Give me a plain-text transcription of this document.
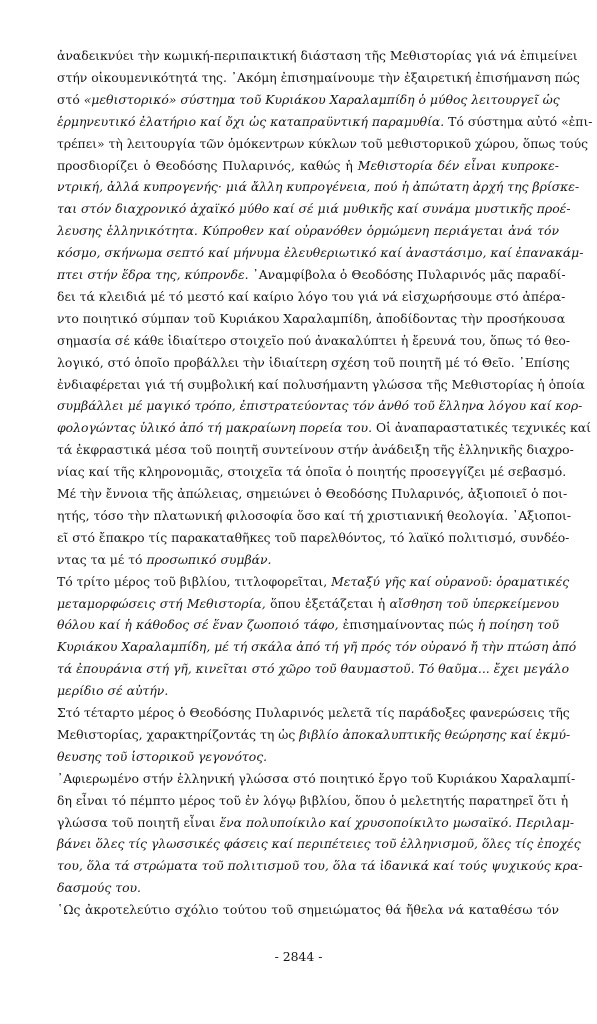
ἀναδεικνύει τὴν κωμική-περιπαικτική διάσταση τῆς Μεθιστορίας γιά νά ἐπιμείνει
στήν οἰκουμενικότητά της. ᾿Ακόμη ἐπισημαίνουμε τὴν ἐξαιρετική ἐπισήμανση πώς
στό «μεθιστορικό» σύστημα τοῦ Κυριάκου Χαραλαμπίδη ὁ μύθος λειτουργεῖ ὡς
ἑρμηνευτικό ἐλατήριο καί ὄχι ὡς καταπραϋντική παραμυθία. Τό σύστημα αὐτό «ἐπι-
τρέπει» τὴ λειτουργία τῶν ὁμόκεντρων κύκλων τοῦ μεθιστορικοῦ χώρου, ὅπως τούς
προσδιορίζει ὁ Θεοδόσης Πυλαρινός, καθώς ἡ Μεθιστορία δέν εἶναι κυπροκε-
ντρική, ἀλλά κυπρογενής· μιά ἄλλη κυπρογένεια, πού ἡ ἀπώτατη ἀρχή της βρίσκε-
ται στόν διαχρονικό ἀχαϊκό μύθο καί σέ μιά μυθικῆς καί συνάμα μυστικῆς προέ-
λευσης ἑλληνικότητα. Κύπροθεν καί οὐρανόθεν ὁρμώμενη περιάγεται ἀνά τόν
κόσμο, σκήνωμα σεπτό καί μήνυμα ἐλευθεριωτικό καί ἀναστάσιμο, καί ἐπανακάμ-
πτει στήν ἕδρα της, κύπρονδε. ᾿Αναμφίβολα ὁ Θεοδόσης Πυλαρινός μᾶς παραδί-
δει τά κλειδιά μέ τό μεστό καί καίριο λόγο του γιά νά εἰσχωρήσουμε στό ἀπέρα-
ντο ποιητικό σύμπαν τοῦ Κυριάκου Χαραλαμπίδη, ἀποδίδοντας τὴν προσήκουσα
σημασία σέ κάθε ἰδιαίτερο στοιχεῖο πού ἀνακαλύπτει ἡ ἔρευνά του, ὅπως τό θεο-
λογικό, στό ὁποῖο προβάλλει τὴν ἰδιαίτερη σχέση τοῦ ποιητῆ μέ τό Θεῖο. ᾿Επίσης
ἐνδιαφέρεται γιά τή συμβολική καί πολυσήμαντη γλώσσα τῆς Μεθιστορίας ἡ ὁποία
συμβάλλει μέ μαγικό τρόπο, ἐπιστρατεύοντας τόν ἀνθό τοῦ ἕλληνα λόγου καί κορ-
φολογώντας ὑλικό ἀπό τή μακραίωνη πορεία του. Οἱ ἀναπαραστατικές τεχνικές καί
τά ἐκφραστικά μέσα τοῦ ποιητῆ συντείνουν στήν ἀνάδειξη τῆς ἑλληνικῆς διαχρο-
νίας καί τῆς κληρονομιᾶς, στοιχεῖα τά ὁποῖα ὁ ποιητής προσεγγίζει μέ σεβασμό.
Μέ τὴν ἔννοια τῆς ἀπώλειας, σημειώνει ὁ Θεοδόσης Πυλαρινός, ἀξιοποιεῖ ὁ ποι-
ητής, τόσο τὴν πλατωνική φιλοσοφία ὅσο καί τή χριστιανική θεολογία. ᾿Αξιοποι-
εῖ στό ἔπακρο τίς παρακαταθῆκες τοῦ παρελθόντος, τό λαϊκό πολιτισμό, συνδέο-
ντας τα μέ τό προσωπικό συμβάν.
Τό τρίτο μέρος τοῦ βιβλίου, τιτλοφορεῖται, Μεταξύ γῆς καί οὐρανοῦ: ὁραματικές
μεταμορφώσεις στή Μεθιστορία, ὅπου ἐξετάζεται ἡ αἴσθηση τοῦ ὑπερκείμενου
θόλου καί ἡ κάθοδος σέ ἕναν ζωοποιό τάφο, ἐπισημαίνοντας πώς ἡ ποίηση τοῦ
Κυριάκου Χαραλαμπίδη, μέ τή σκάλα ἀπό τή γῆ πρός τόν οὐρανό ἤ τὴν πτώση ἀπό
τά ἐπουράνια στή γῆ, κινεῖται στό χῶρο τοῦ θαυμαστοῦ. Τό θαῦμα... ἔχει μεγάλο
μερίδιο σέ αὐτήν.
Στό τέταρτο μέρος ὁ Θεοδόσης Πυλαρινός μελετᾶ τίς παράδοξες φανερώσεις τῆς
Μεθιστορίας, χαρακτηρίζοντάς τη ὡς βιβλίο ἀποκαλυπτικῆς θεώρησης καί ἐκμύ-
θευσης τοῦ ἱστορικοῦ γεγονότος.
᾿Αφιερωμένο στήν ἑλληνική γλώσσα στό ποιητικό ἔργο τοῦ Κυριάκου Χαραλαμπί-
δη εἶναι τό πέμπτο μέρος τοῦ ἐν λόγῳ βιβλίου, ὅπου ὁ μελετητής παρατηρεῖ ὅτι ἡ
γλώσσα τοῦ ποιητῆ εἶναι ἕνα πολυποίκιλο καί χρυσοποίκιλτο μωσαϊκό. Περιλαμ-
βάνει ὅλες τίς γλωσσικές φάσεις καί περιπέτειες τοῦ ἑλληνισμοῦ, ὅλες τίς ἐποχές
του, ὅλα τά στρώματα τοῦ πολιτισμοῦ του, ὅλα τά ἰδανικά καί τούς ψυχικούς κρα-
δασμούς του.
῾Ως ἀκροτελεύτιο σχόλιο τούτου τοῦ σημειώματος θά ἤθελα νά καταθέσω τόν
- 2844 -
